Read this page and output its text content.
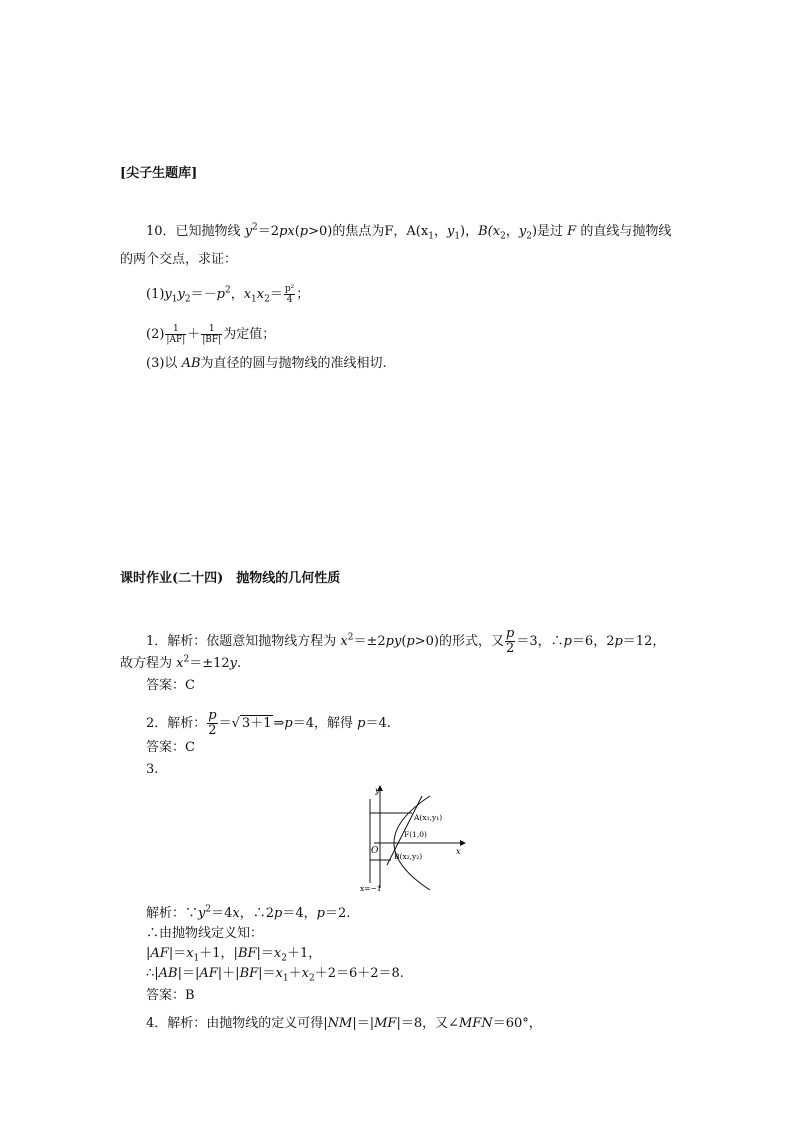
[尖子生题库]
10．已知抛物线 $y^2=2px(p>0)$的焦点为F，$A(x_1$，$y_1$)，$B(x_2$，$y_2$)是过 F 的直线与抛物线
的两个交点，求证：
$(1)y_1y_2=-p^2$，$x_1x_2= \frac{\text{p²}}{4}$ ；
$(2) \frac{1}{|AF|} + \frac{1}{|BF|}$ 为定值；
(3)以 AB为直径的圆与抛物线的准线相切.
课时作业(二十四)　抛物线的几何性质
1．解析：依题意知抛物线方程为 $x^2=\pm 2py(p>0)$的形式，又 $\frac{p}{2} =3$，∴p＝6，2p＝12，
故方程为 $x^2=\pm 12y$.
答案：C
2．解析： $\frac{p}{2}$ ＝√ 3＋1 ⇒p＝4，解得 p＝4.
答案：C
3.
y
x
O
A(x₁,y₁)
F(1,0)
B(x₂,y₂)
x=−1
解析：$\because y^2=4x$，∴2p＝4，p＝2.
∴由抛物线定义知：
$|AF|=x_1+1$，$|BF|=x_2+1$，
$\therefore|AB|=|AF|+|BF|=x_1+x_2+2=6+2=8$.
答案：B
4．解析：由抛物线的定义可得|NM|＝|MF|＝8，又∠MFN＝60°，
